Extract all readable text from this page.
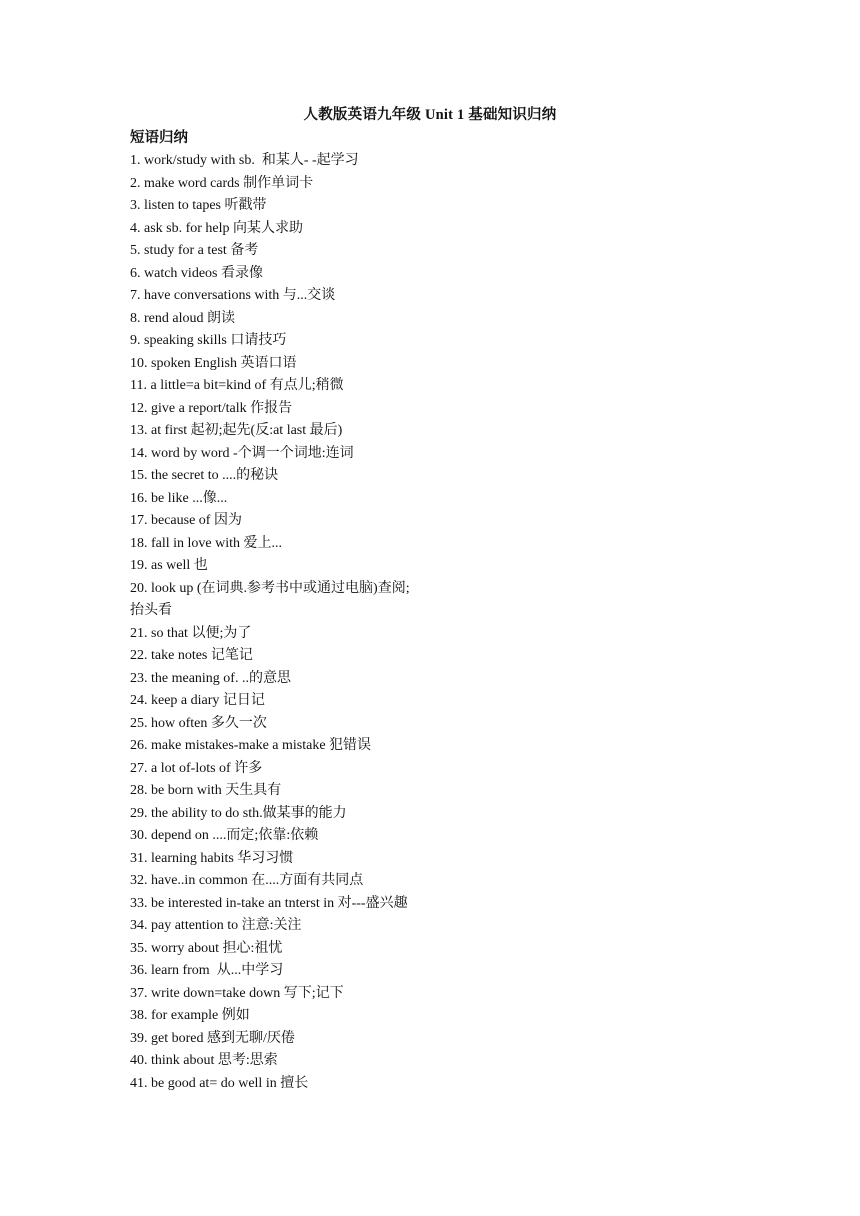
人教版英语九年级 Unit 1 基础知识归纳
短语归纳
1. work/study with sb.  和某人- -起学习
2. make word cards 制作单词卡
3. listen to tapes 听戳带
4. ask sb. for help 向某人求助
5. study for a test 备考
6. watch videos 看录像
7. have conversations with 与...交谈
8. rend aloud 朗读
9. speaking skills 口请技巧
10. spoken English 英语口语
11. a little=a bit=kind of 有点儿;稍微
12. give a report/talk 作报告
13. at first 起初;起先(反:at last 最后)
14. word by word -个调一个词地:连词
15. the secret to ....的秘诀
16. be like ...像...
17. because of 因为
18. fall in love with 爱上...
19. as well 也
20. look up (在词典.参考书中或通过电脑)查阅;
抬头看
21. so that 以便;为了
22. take notes 记笔记
23. the meaning of. ..的意思
24. keep a diary 记日记
25. how often 多久一次
26. make mistakes-make a mistake 犯错误
27. a lot of-lots of 许多
28. be born with 天生具有
29. the ability to do sth.做某事的能力
30. depend on ....而定;依靠:依赖
31. learning habits 华习习惯
32. have..in common 在....方面有共同点
33. be interested in-take an tnterst in 对---盛兴趣
34. pay attention to 注意:关注
35. worry about 担心:祖忧
36. learn from  从...中学习
37. write down=take down 写下;记下
38. for example 例如
39. get bored 感到无聊/厌倦
40. think about 思考:思索
41. be good at= do well in 擅长
